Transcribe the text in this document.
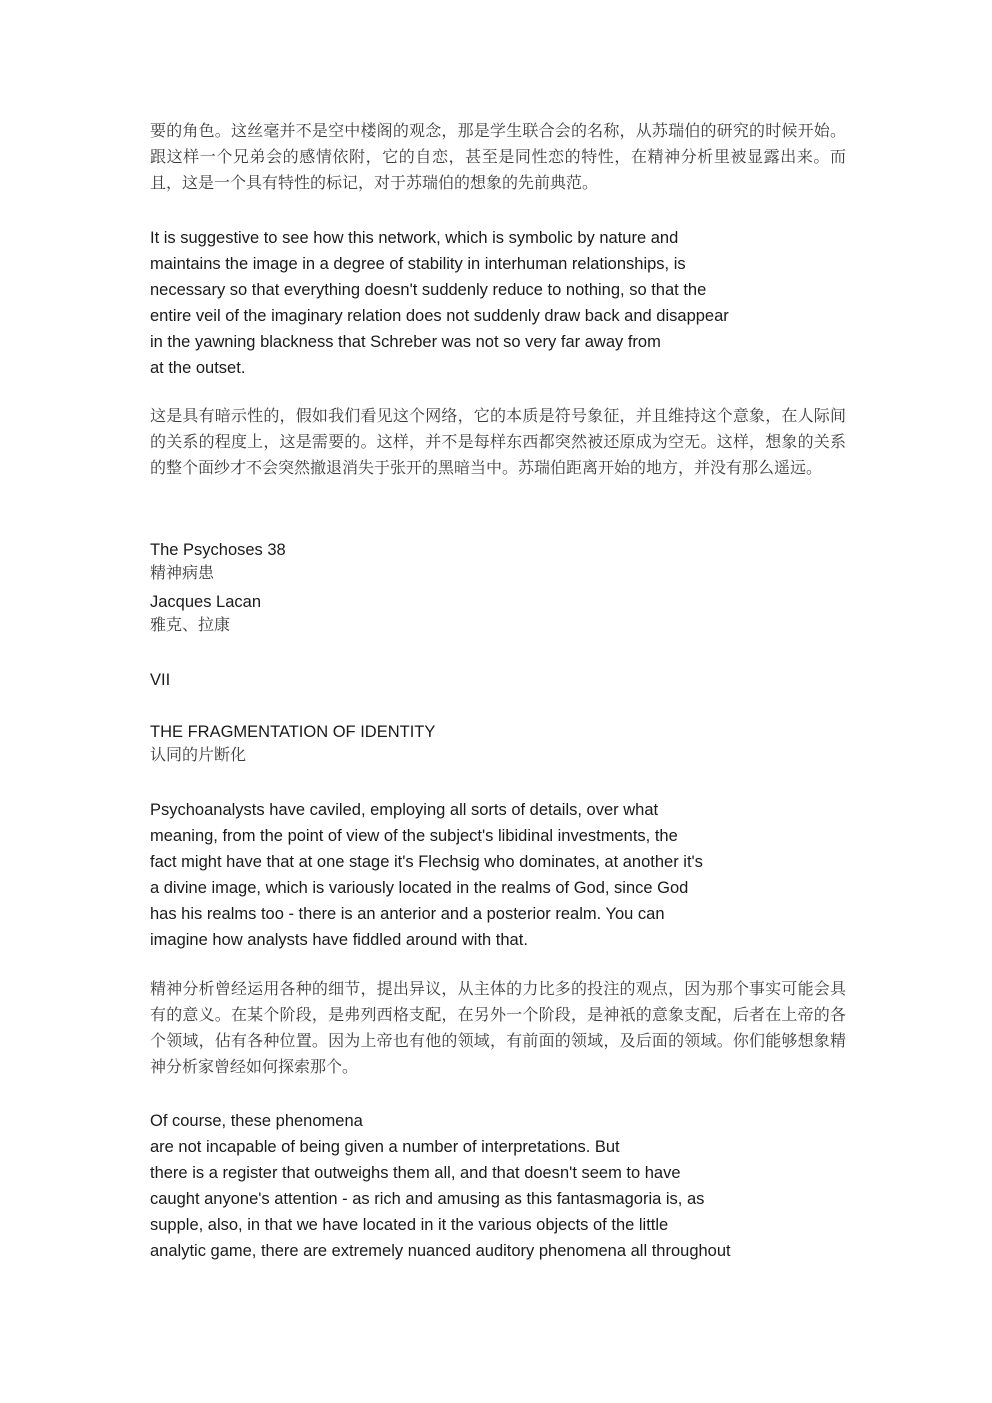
要的角色。这丝毫并不是空中楼阁的观念，那是学生联合会的名称，从苏瑞伯的研究的时候开始。跟这样一个兄弟会的感情依附，它的自恋，甚至是同性恋的特性，在精神分析里被显露出来。而且，这是一个具有特性的标记，对于苏瑞伯的想象的先前典范。

It is suggestive to see how this network, which is symbolic by nature and
maintains the image in a degree of stability in interhuman relationships, is
necessary so that everything doesn't suddenly reduce to nothing, so that the
entire veil of the imaginary relation does not suddenly draw back and disappear
in the yawning blackness that Schreber was not so very far away from
at the outset.

这是具有暗示性的，假如我们看见这个网络，它的本质是符号象征，并且维持这个意象，在人际间的关系的程度上，这是需要的。这样，并不是每样东西都突然被还原成为空无。这样，想象的关系的整个面纱才不会突然撤退消失于张开的黑暗当中。苏瑞伯距离开始的地方，并没有那么遥远。

The Psychoses 38

精神病患

Jacques Lacan

雅克、拉康

VII

THE FRAGMENTATION OF IDENTITY

认同的片断化

Psychoanalysts have caviled, employing all sorts of details, over what
meaning, from the point of view of the subject's libidinal investments, the
fact might have that at one stage it's Flechsig who dominates, at another it's
a divine image, which is variously located in the realms of God, since God
has his realms too - there is an anterior and a posterior realm. You can
imagine how analysts have fiddled around with that.

精神分析曾经运用各种的细节，提出异议，从主体的力比多的投注的观点，因为那个事实可能会具有的意义。在某个阶段，是弗列西格支配，在另外一个阶段，是神祇的意象支配，后者在上帝的各个领域，佔有各种位置。因为上帝也有他的领域，有前面的领域，及后面的领域。你们能够想象精神分析家曾经如何探索那个。

Of course, these phenomena
are not incapable of being given a number of interpretations. But
there is a register that outweighs them all, and that doesn't seem to have
caught anyone's attention - as rich and amusing as this fantasmagoria is, as
supple, also, in that we have located in it the various objects of the little
analytic game, there are extremely nuanced auditory phenomena all throughout
